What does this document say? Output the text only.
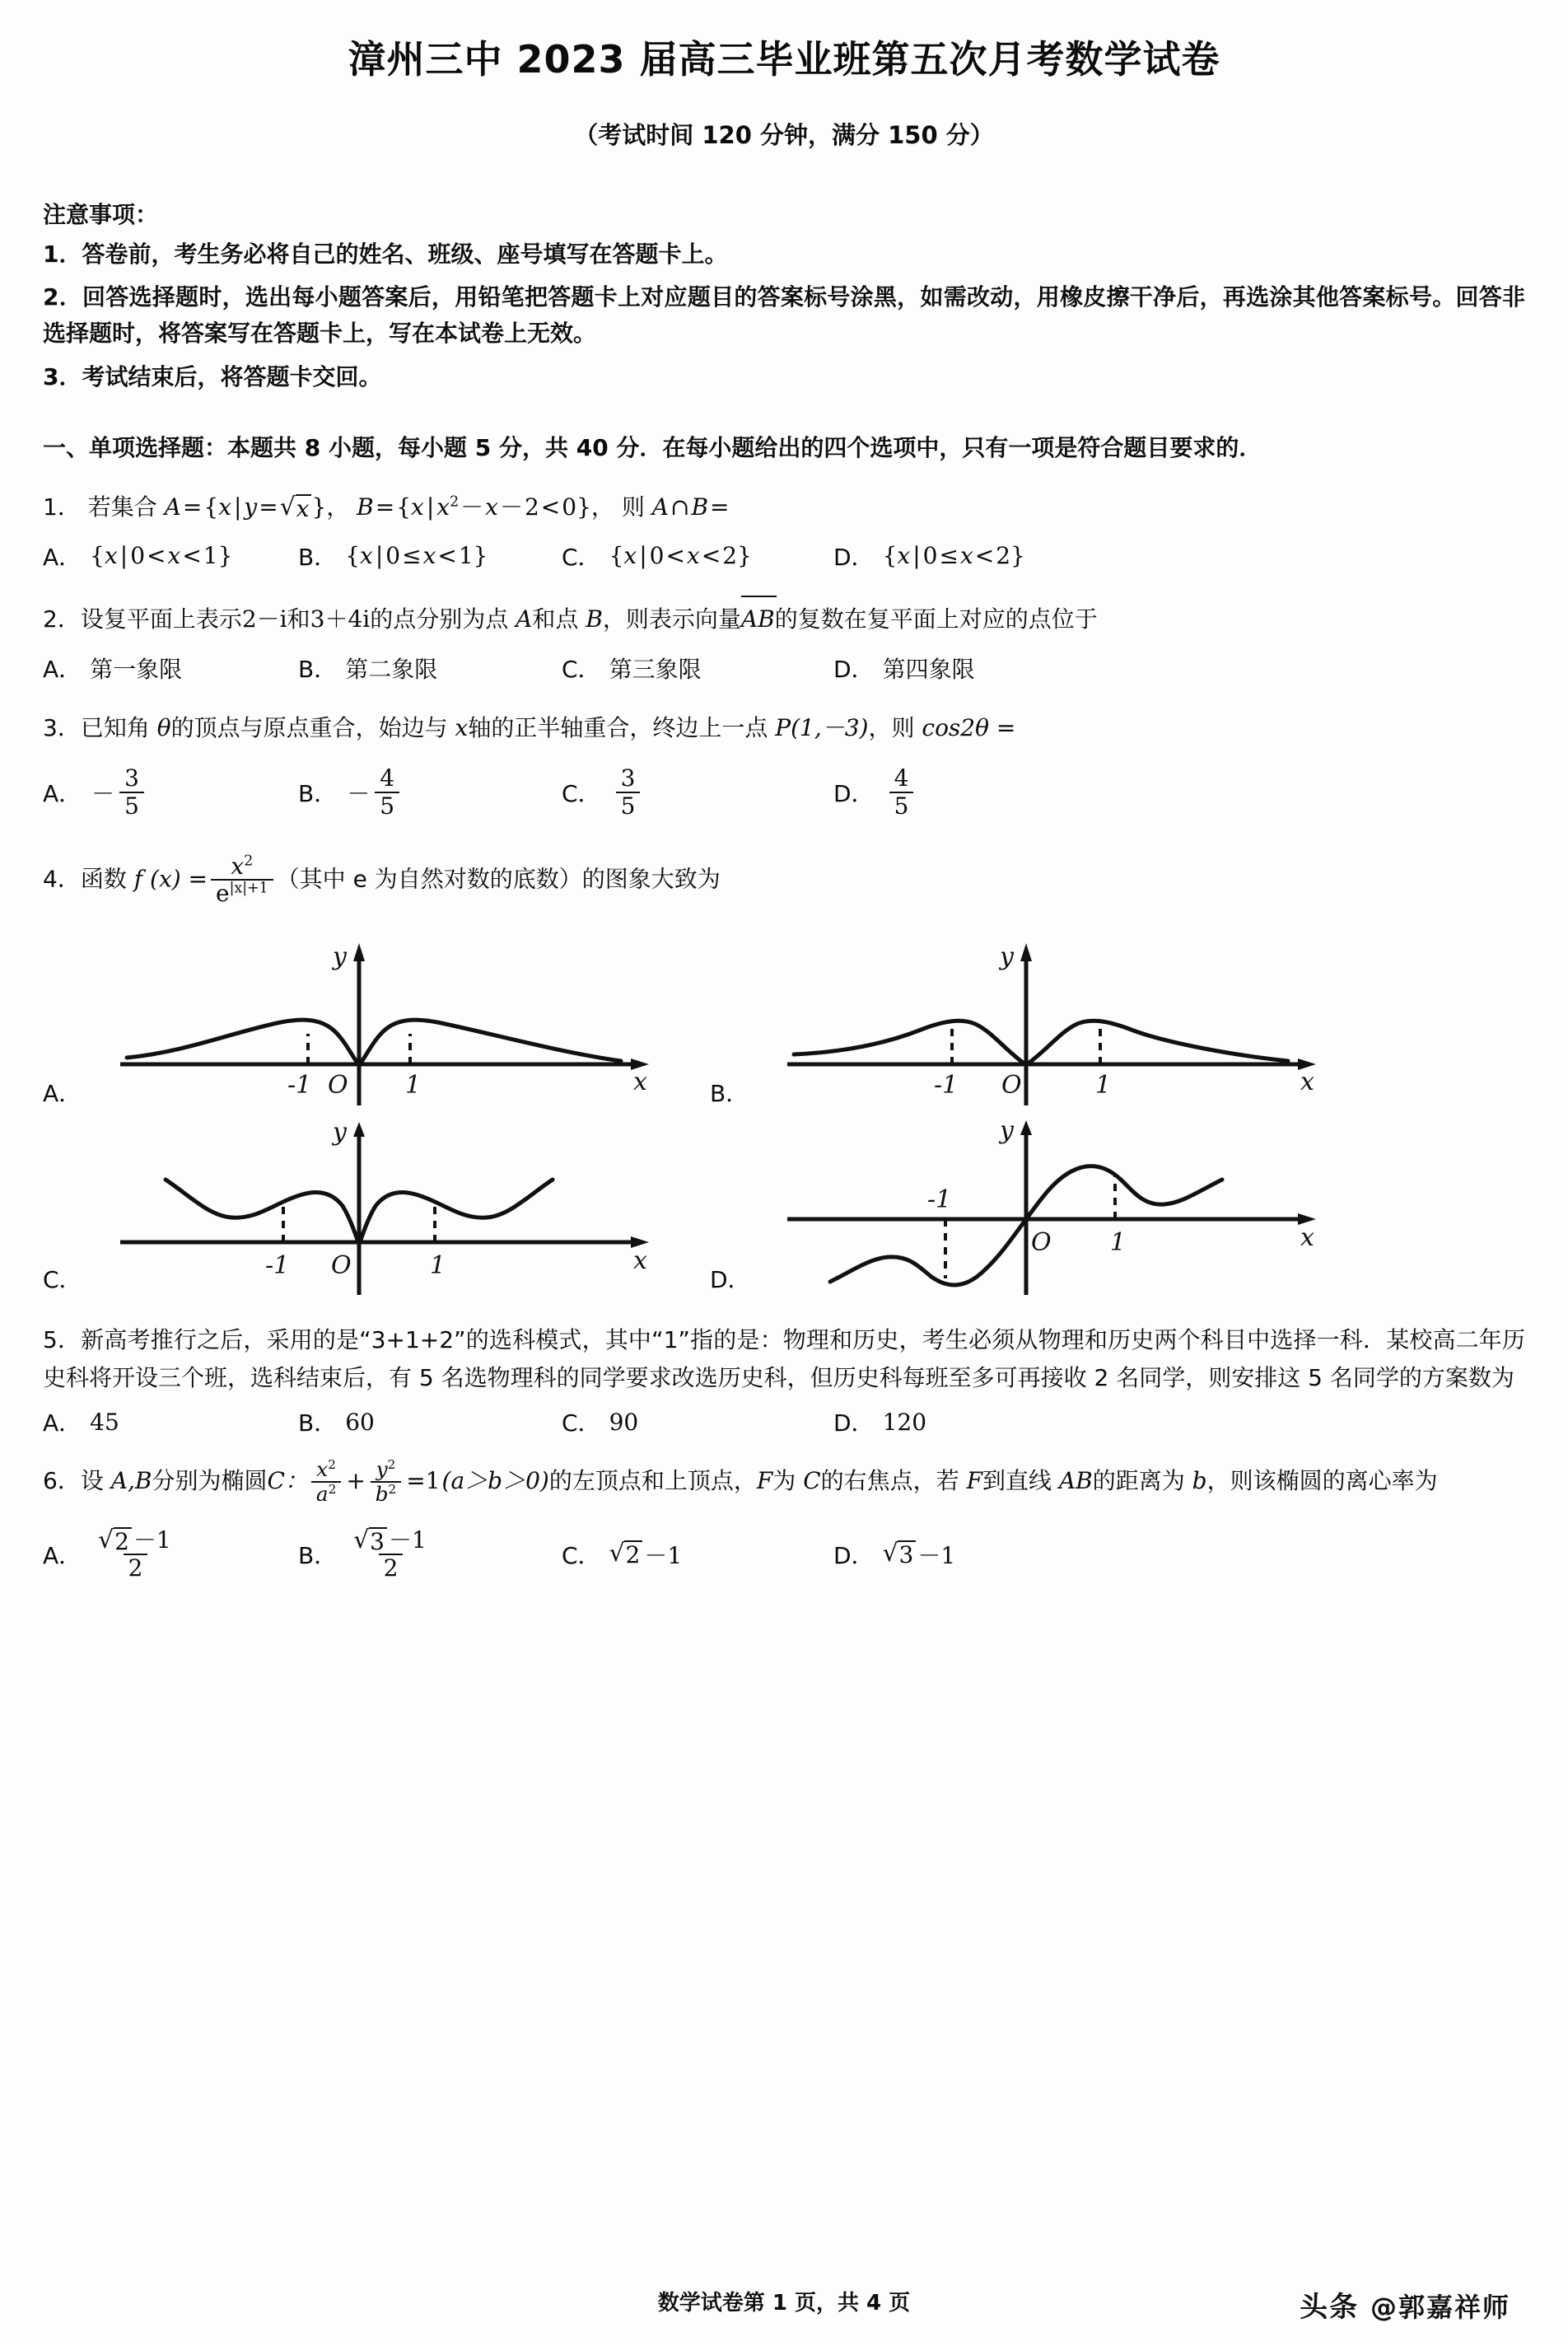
漳州三中 2023 届高三毕业班第五次月考数学试卷
（考试时间 120 分钟，满分 150 分）
注意事项：
1．答卷前，考生务必将自己的姓名、班级、座号填写在答题卡上。
2．回答选择题时，选出每小题答案后，用铅笔把答题卡上对应题目的答案标号涂黑，如需改动，用橡皮擦干净后，再选涂其他答案标号。回答非选择题时，将答案写在答题卡上，写在本试卷上无效。
3．考试结束后，将答题卡交回。
一、单项选择题：本题共 8 小题，每小题 5 分，共 40 分．在每小题给出的四个选项中，只有一项是符合题目要求的．
1． 若集合 A={x | y= √ x }， B={x | $x^2-x-2<0$}， 则 A∩B=
A． { x | 0 < x < 1 }	B． { x | 0 ≤ x < 1 }	C． { x | 0 < x < 2 }	D． { x | 0 ≤ x < 2 }
2．设复平面上表示2－i和3＋4i的点分别为点 A和点 B，则表示向量AB的复数在复平面上对应的点位于
A． 第一象限	B． 第二象限	C． 第三象限	D． 第四象限
3．已知角 θ的顶点与原点重合，始边与 x轴的正半轴重合，终边上一点 P(1,－3)，则 cos2θ =
A． － $\frac{3}{5}$	B． － $\frac{4}{5}$	C． $\frac{3}{5}$	D． $\frac{4}{5}$
4．函数 f $(x) = \frac{x^2}{e^{|x|+1}}$ （其中 e 为自然对数的底数）的图象大致为
A．	-1 O 1	x
y
B．	-1 O	1	x
y
C．	-1 O	1	x
y
D．
-1
O 1	x
y
5．新高考推行之后，采用的是“3+1+2”的选科模式，其中“1”指的是：物理和历史，考生必须从物理和历史两个科目中选择一科．某校高二年历史科将开设三个班，选科结束后，有 5 名选物理科的同学要求改选历史科，但历史科每班至多可再接收 2 名同学，则安排这 5 名同学的方案数为
A． 45	B． 60	C． 90	D． 120
6．设 A,B分别为椭圆C： $\frac{x^2}{a^2} + \frac{y^2}{b^2} =1(a>b>0)$的左顶点和上顶点，F为 C的右焦点，若 F到直线 AB的距离为 b，则该椭圆的离心率为
A． $\frac{√ 2 -1}{2}$	B． $\frac{√ 3 -1}{2}$	C． √ 2 －1	D． √ 3 －1
数学试卷第 1 页，共 4 页	头条 @郭嘉祥师
